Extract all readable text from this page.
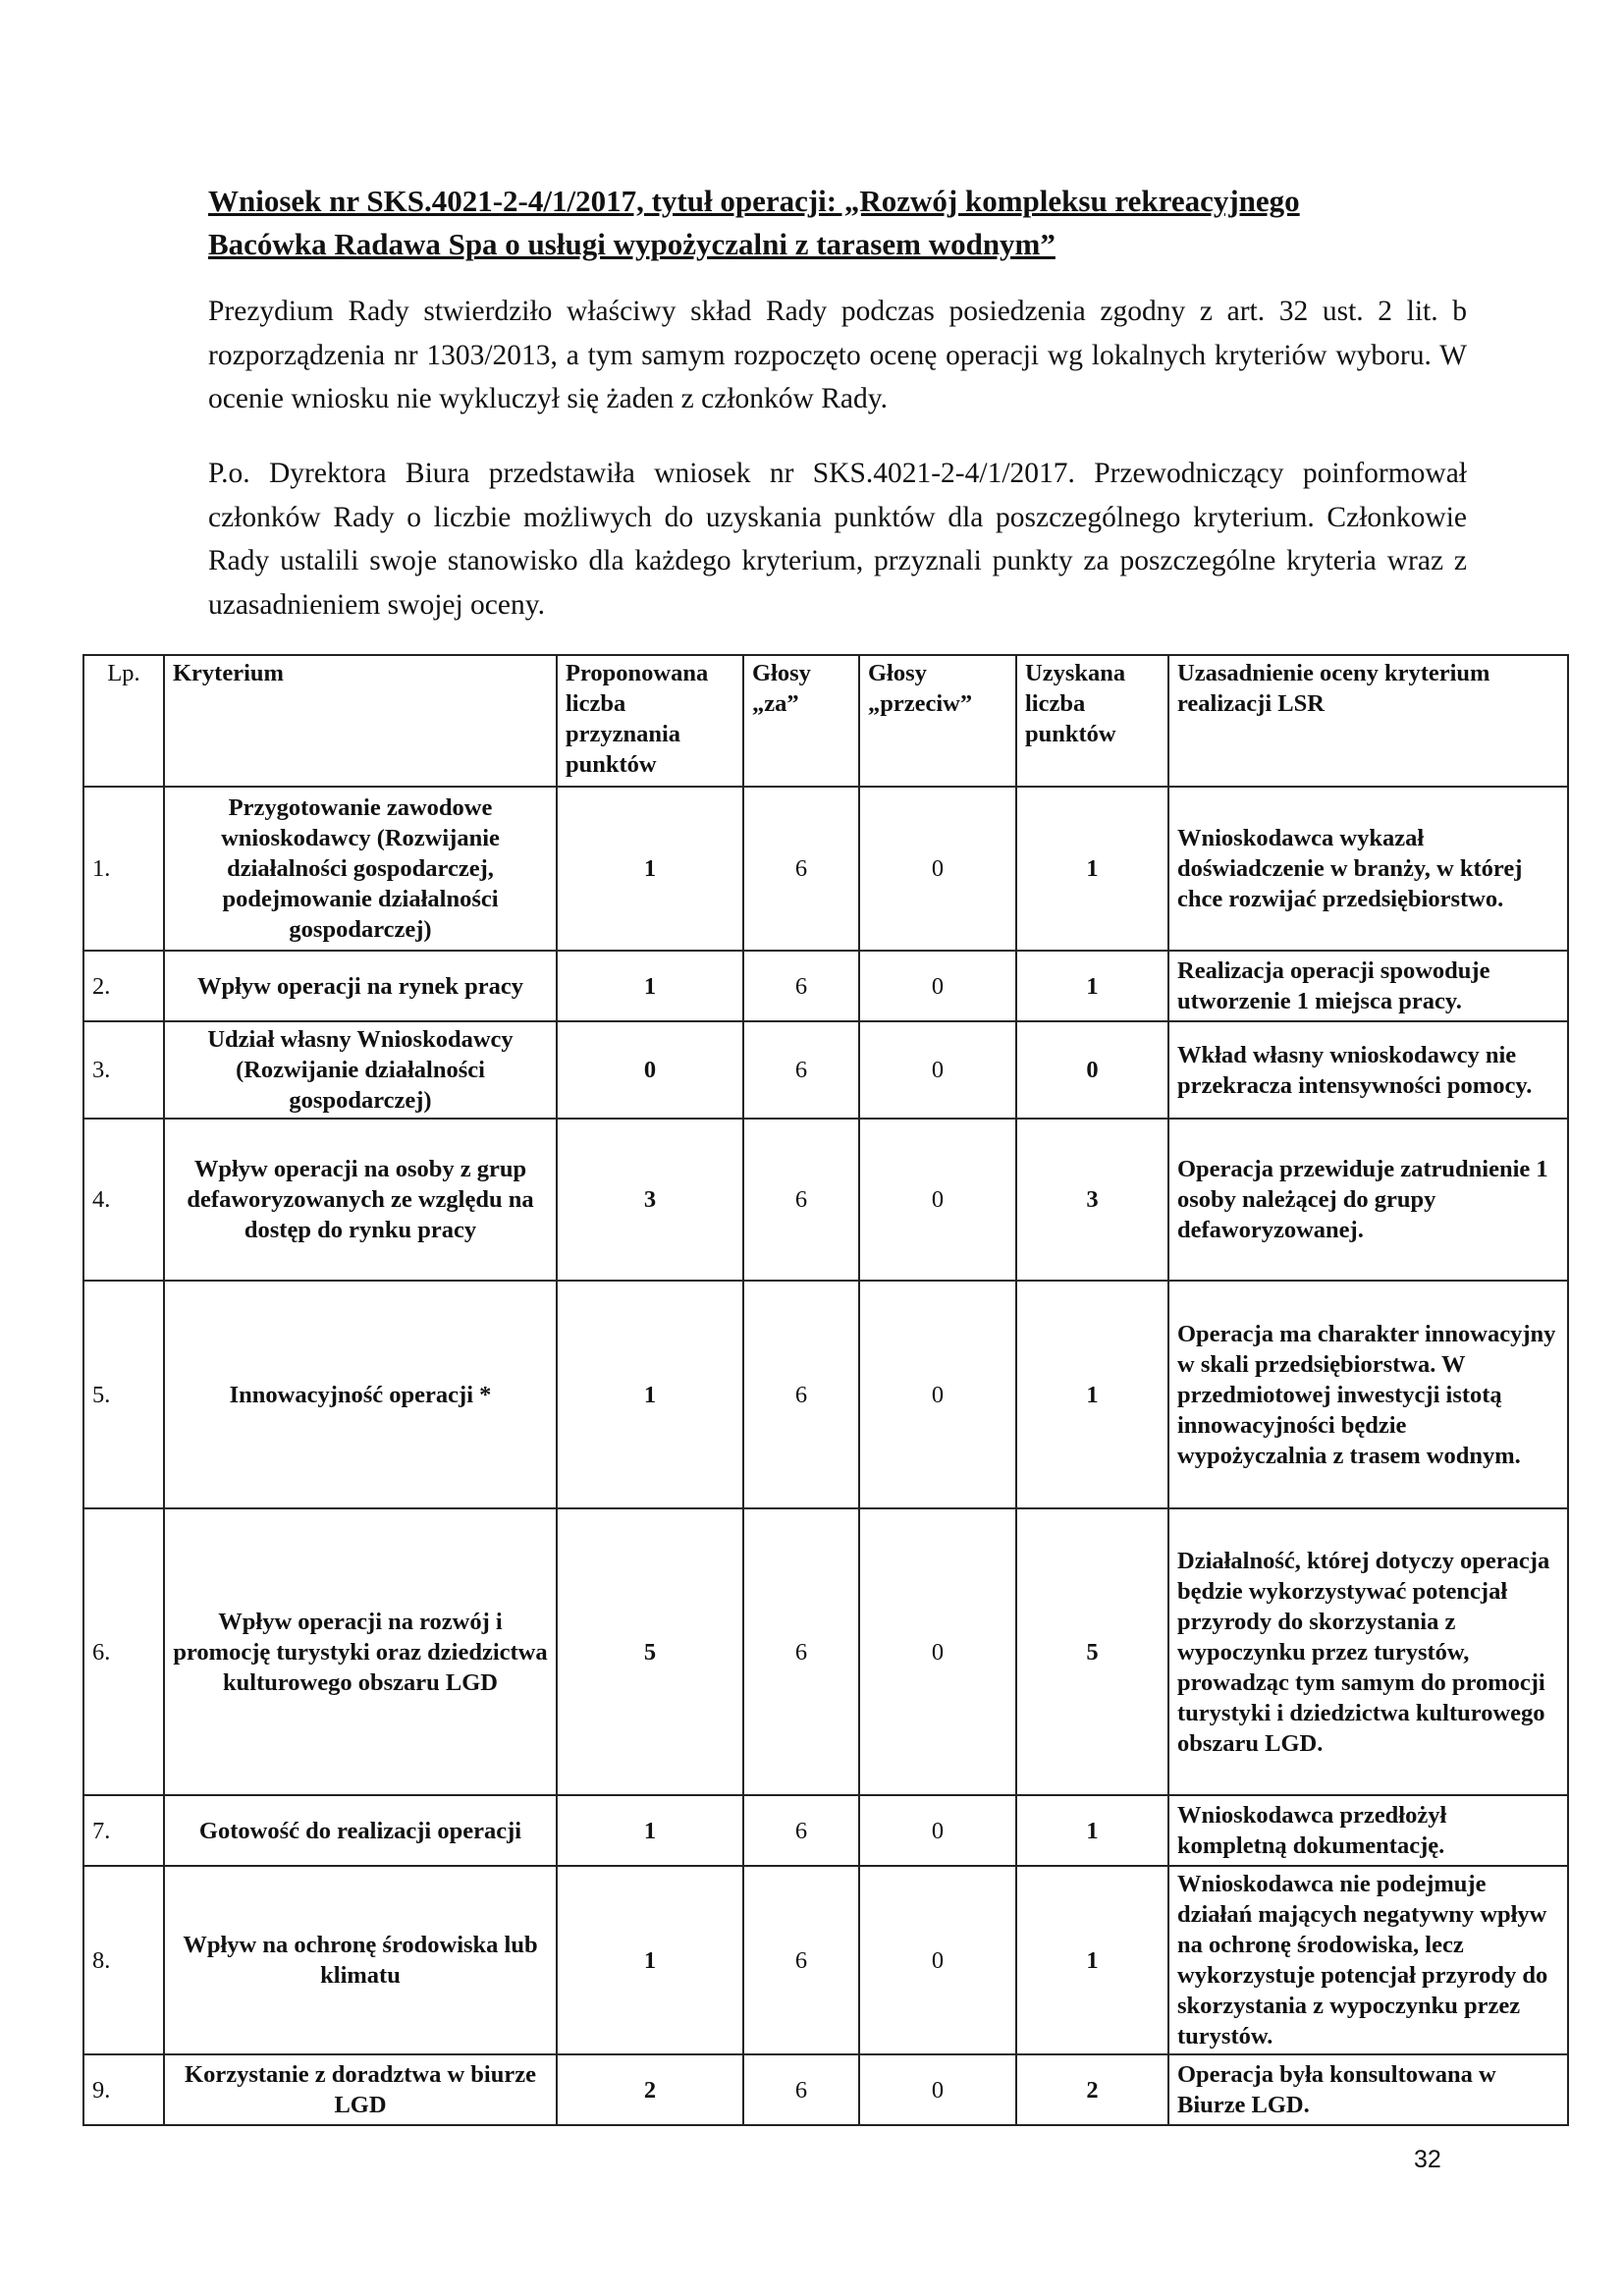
Wniosek nr SKS.4021-2-4/1/2017, tytuł operacji: „Rozwój kompleksu rekreacyjnego
Bacówka Radawa Spa o usługi wypożyczalni z tarasem wodnym”
Prezydium Rady stwierdziło właściwy skład Rady podczas posiedzenia zgodny z art. 32 ust. 2 lit. b rozporządzenia nr 1303/2013, a tym samym rozpoczęto ocenę operacji wg lokalnych kryteriów wyboru. W ocenie wniosku nie wykluczył się żaden z członków Rady.
P.o. Dyrektora Biura przedstawiła wniosek nr SKS.4021-2-4/1/2017. Przewodniczący poinformował członków Rady o liczbie możliwych do uzyskania punktów dla poszczególnego kryterium. Członkowie Rady ustalili swoje stanowisko dla każdego kryterium, przyznali punkty za poszczególne kryteria wraz z uzasadnieniem swojej oceny.
Lp.	Kryterium	Proponowana liczba przyznania punktów	Głosy „za”	Głosy „przeciw”	Uzyskana liczba punktów	Uzasadnienie oceny kryterium realizacji LSR
1.	Przygotowanie zawodowe wnioskodawcy (Rozwijanie działalności gospodarczej, podejmowanie działalności gospodarczej)	1	6	0	1	Wnioskodawca wykazał doświadczenie w branży, w której chce rozwijać przedsiębiorstwo.
2.	Wpływ operacji na rynek pracy	1	6	0	1	Realizacja operacji spowoduje utworzenie 1 miejsca pracy.
3.	Udział własny Wnioskodawcy (Rozwijanie działalności gospodarczej)	0	6	0	0	Wkład własny wnioskodawcy nie przekracza intensywności pomocy.
4.	Wpływ operacji na osoby z grup defaworyzowanych ze względu na dostęp do rynku pracy	3	6	0	3	Operacja przewiduje zatrudnienie 1 osoby należącej do grupy defaworyzowanej.
5.	Innowacyjność operacji *	1	6	0	1	Operacja ma charakter innowacyjny w skali przedsiębiorstwa. W przedmiotowej inwestycji istotą innowacyjności będzie wypożyczalnia z trasem wodnym.
6.	Wpływ operacji na rozwój i promocję turystyki oraz dziedzictwa kulturowego obszaru LGD	5	6	0	5	Działalność, której dotyczy operacja będzie wykorzystywać potencjał przyrody do skorzystania z wypoczynku przez turystów, prowadząc tym samym do promocji turystyki i dziedzictwa kulturowego obszaru LGD.
7.	Gotowość do realizacji operacji	1	6	0	1	Wnioskodawca przedłożył kompletną dokumentację.
8.	Wpływ na ochronę środowiska lub klimatu	1	6	0	1	Wnioskodawca nie podejmuje działań mających negatywny wpływ na ochronę środowiska, lecz wykorzystuje potencjał przyrody do skorzystania z wypoczynku przez turystów.
9.	Korzystanie z doradztwa w biurze LGD	2	6	0	2	Operacja była konsultowana w Biurze LGD.
32
